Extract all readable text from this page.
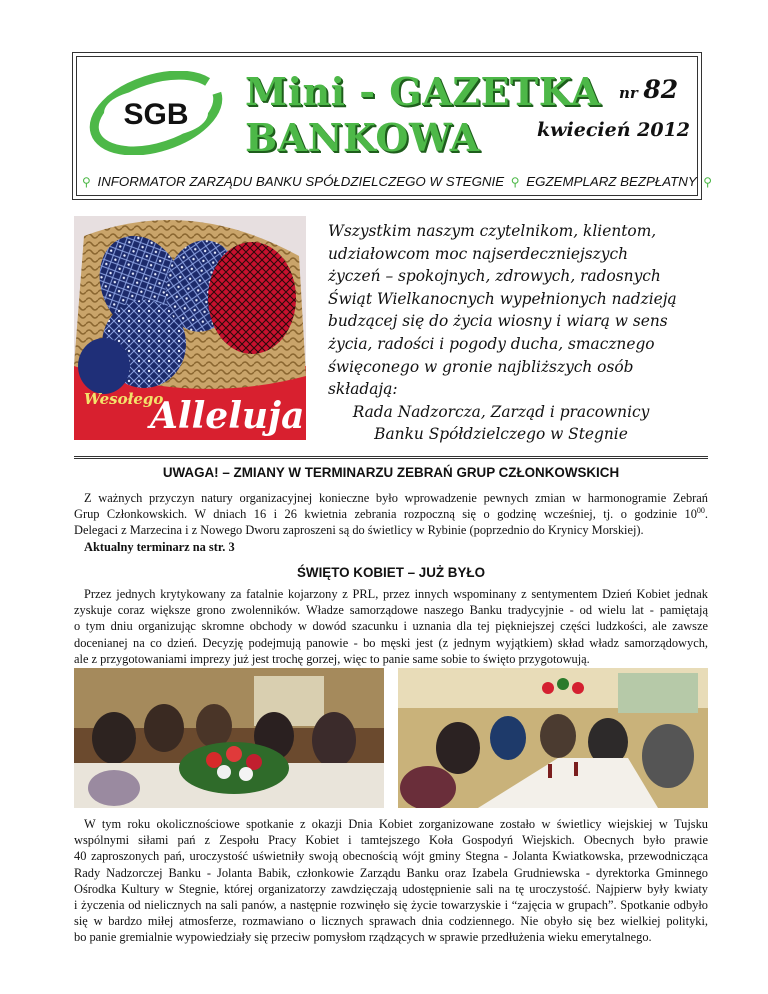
SGB
Mini - GAZETKA
BANKOWA
nr 82
kwiecień 2012
⚲ INFORMATOR ZARZĄDU BANKU SPÓŁDZIELCZEGO W STEGNIE ⚲ EGZEMPLARZ BEZPŁATNY ⚲
Wesołego
Alleluja
Wszystkim naszym czytelnikom, klientom,
udziałowcom moc najserdeczniejszych
życzeń – spokojnych, zdrowych, radosnych
Świąt Wielkanocnych wypełnionych nadzieją
budzącej się do życia wiosny i wiarą w sens
życia, radości i pogody ducha, smacznego
święconego w gronie najbliższych osób
składają:
Rada Nadzorcza, Zarząd i pracownicy
Banku Spółdzielczego w Stegnie
UWAGA! – ZMIANY W TERMINARZU ZEBRAŃ GRUP CZŁONKOWSKICH
Z ważnych przyczyn natury organizacyjnej konieczne było wprowadzenie pewnych zmian w harmonogramie Zebrań
Grup Członkowskich. W dniach 16 i 26 kwietnia zebrania rozpoczną się o godzinę wcześniej, tj. o godzinie $10^{00}$.
Delegaci z Marzecina i z Nowego Dworu zaproszeni są do świetlicy w Rybinie (poprzednio do Krynicy Morskiej).
Aktualny terminarz na str. 3
ŚWIĘTO KOBIET – JUŻ BYŁO
Przez jednych krytykowany za fatalnie kojarzony z PRL, przez innych wspominany z sentymentem Dzień Kobiet jednak
zyskuje coraz większe grono zwolenników. Władze samorządowe naszego Banku tradycyjnie - od wielu lat - pamiętają
o tym dniu organizując skromne obchody w dowód szacunku i uznania dla tej piękniejszej części ludzkości, ale zawsze
docenianej na co dzień. Decyzję podejmują panowie - bo męski jest (z jednym wyjątkiem) skład władz samorządowych,
ale z przygotowaniami imprezy już jest trochę gorzej, więc to panie same sobie to święto przygotowują.
W tym roku okolicznościowe spotkanie z okazji Dnia Kobiet zorganizowane zostało w świetlicy wiejskiej w Tujsku
wspólnymi siłami pań z Zespołu Pracy Kobiet i tamtejszego Koła Gospodyń Wiejskich. Obecnych było prawie
40 zaproszonych pań, uroczystość uświetniły swoją obecnością wójt gminy Stegna - Jolanta Kwiatkowska, przewodnicząca
Rady Nadzorczej Banku - Jolanta Babik, członkowie Zarządu Banku oraz Izabela Grudniewska - dyrektorka Gminnego
Ośrodka Kultury w Stegnie, której organizatorzy zawdzięczają udostępnienie sali na tę uroczystość. Najpierw były kwiaty
i życzenia od nielicznych na sali panów, a następnie rozwinęło się życie towarzyskie i “zajęcia w grupach”. Spotkanie odbyło
się w bardzo miłej atmosferze, rozmawiano o licznych sprawach dnia codziennego. Nie obyło się bez wielkiej polityki,
bo panie gremialnie wypowiedziały się przeciw pomysłom rządzących w sprawie przedłużenia wieku emerytalnego.
